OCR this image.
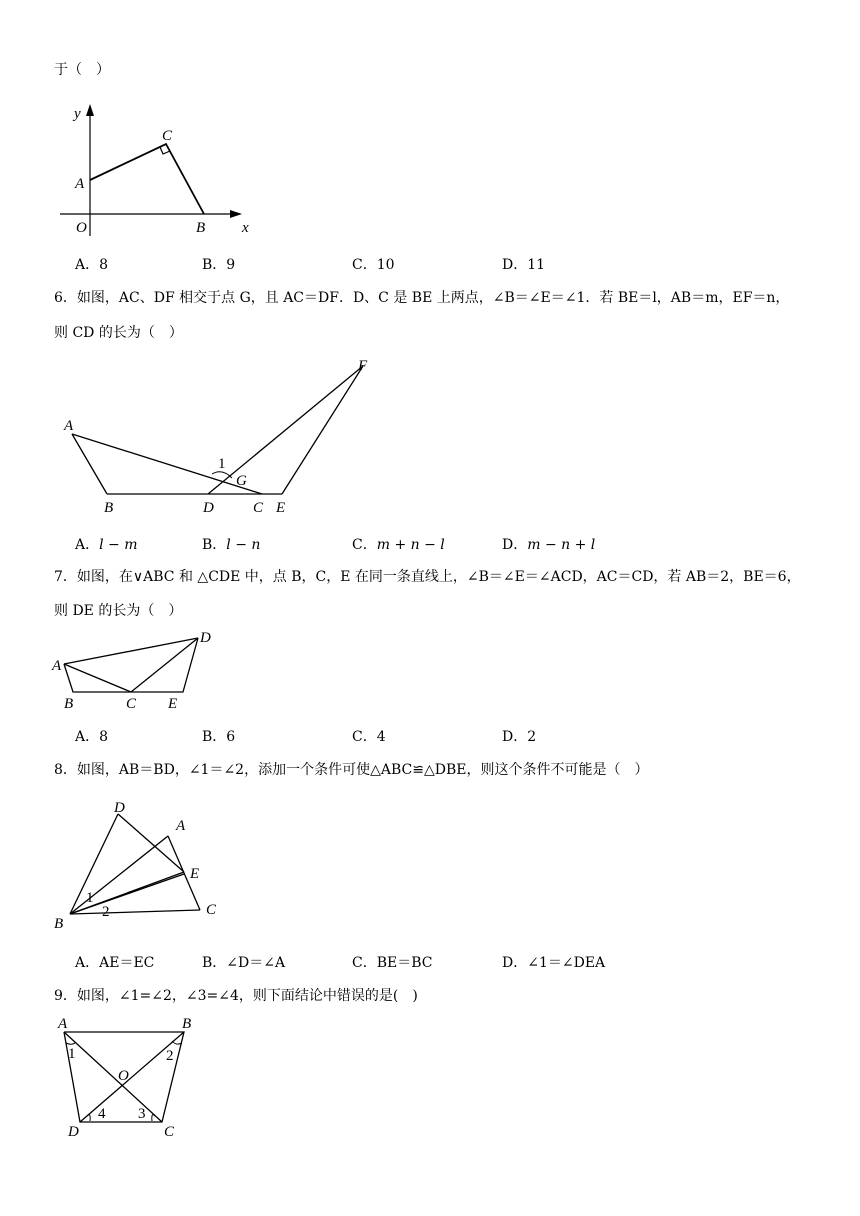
于（　）
y
x
O
A
C
B
A．8	B．9	C．10	D．11
6．如图，AC、DF 相交于点 G，且 AC＝DF．D、C 是 BE 上两点，∠B＝∠E＝∠1．若 BE＝l，AB＝m，EF＝n，
则 CD 的长为（　）
A
F
1
G
B	D	C E
A．l − m	B．l − n	C．m + n − l	D．m − n + l
7．如图，在∨ABC 和 △CDE 中，点 B，C，E 在同一条直线上，∠B＝∠E＝∠ACD，AC＝CD，若 AB＝2，BE＝6，
则 DE 的长为（　）
A
D
B	C E
A．8	B．6	C．4	D．2
8．如图，AB＝BD，∠1＝∠2，添加一个条件可使△ABC≌△DBE，则这个条件不可能是（　）
D
A
E
C
B
1
2
A．AE＝EC	B．∠D＝∠A	C．BE＝BC	D．∠1＝∠DEA
9．如图，∠1=∠2，∠3=∠4，则下面结论中错误的是(　)
A	B
1	2
O
4 3
D	C
